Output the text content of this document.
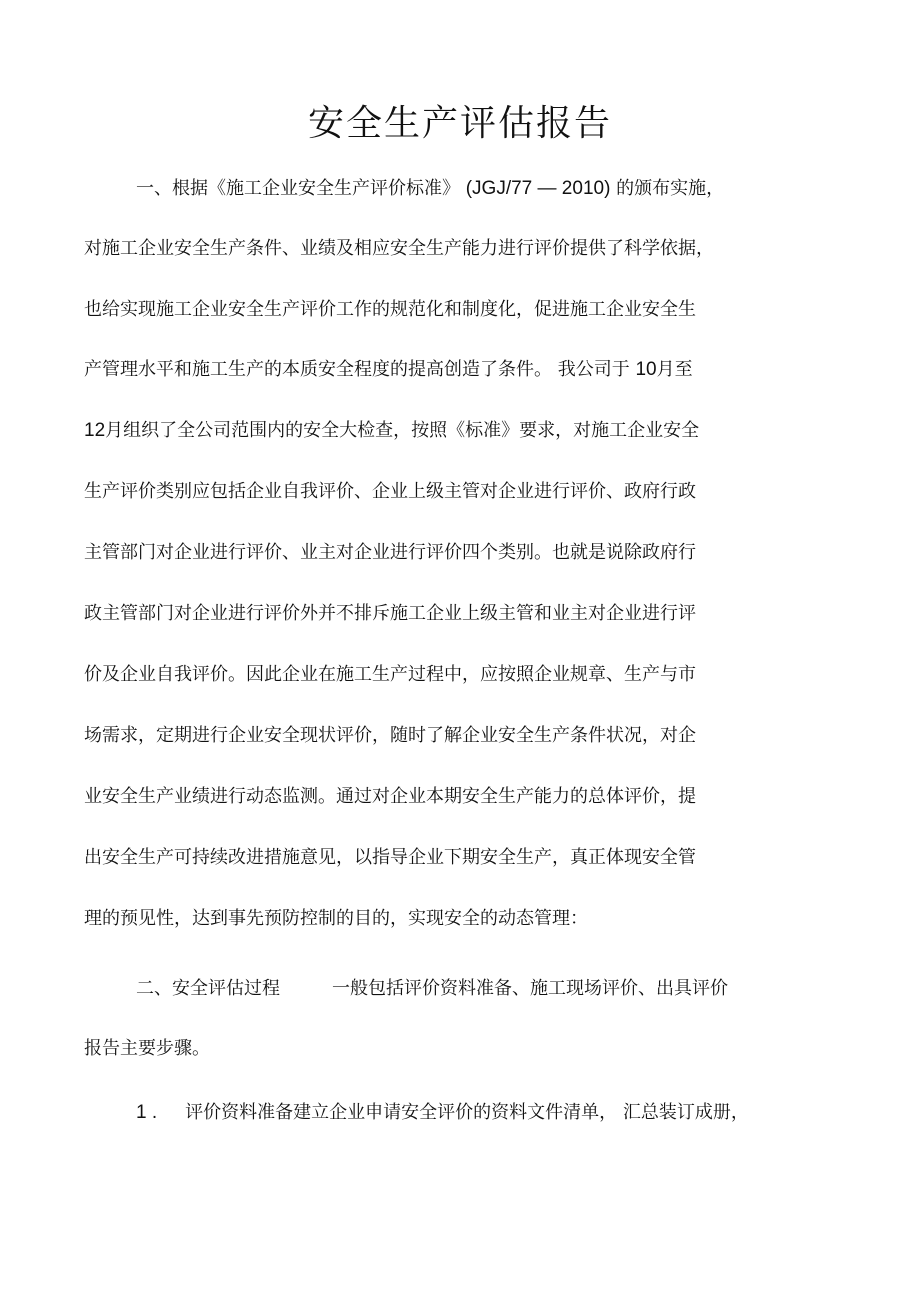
安全生产评估报告
一、根据《施工企业安全生产评价标准》 (JGJ/77 — 2010) 的颁布实施，
对施工企业安全生产条件、业绩及相应安全生产能力进行评价提供了科学依据，
也给实现施工企业安全生产评价工作的规范化和制度化，促进施工企业安全生
产管理水平和施工生产的本质安全程度的提高创造了条件。 我公司于 10月至
12月组织了全公司范围内的安全大检查，按照《标准》要求，对施工企业安全
生产评价类别应包括企业自我评价、企业上级主管对企业进行评价、政府行政
主管部门对企业进行评价、业主对企业进行评价四个类别。也就是说除政府行
政主管部门对企业进行评价外并不排斥施工企业上级主管和业主对企业进行评
价及企业自我评价。因此企业在施工生产过程中，应按照企业规章、生产与市
场需求，定期进行企业安全现状评价，随时了解企业安全生产条件状况，对企
业安全生产业绩进行动态监测。通过对企业本期安全生产能力的总体评价，提
出安全生产可持续改进措施意见，以指导企业下期安全生产，真正体现安全管
理的预见性，达到事先预防控制的目的，实现安全的动态管理：
二、安全评估过程	一般包括评价资料准备、施工现场评价、出具评价
报告主要步骤。
1 . 评价资料准备建立企业申请安全评价的资料文件清单， 汇总装订成册，
